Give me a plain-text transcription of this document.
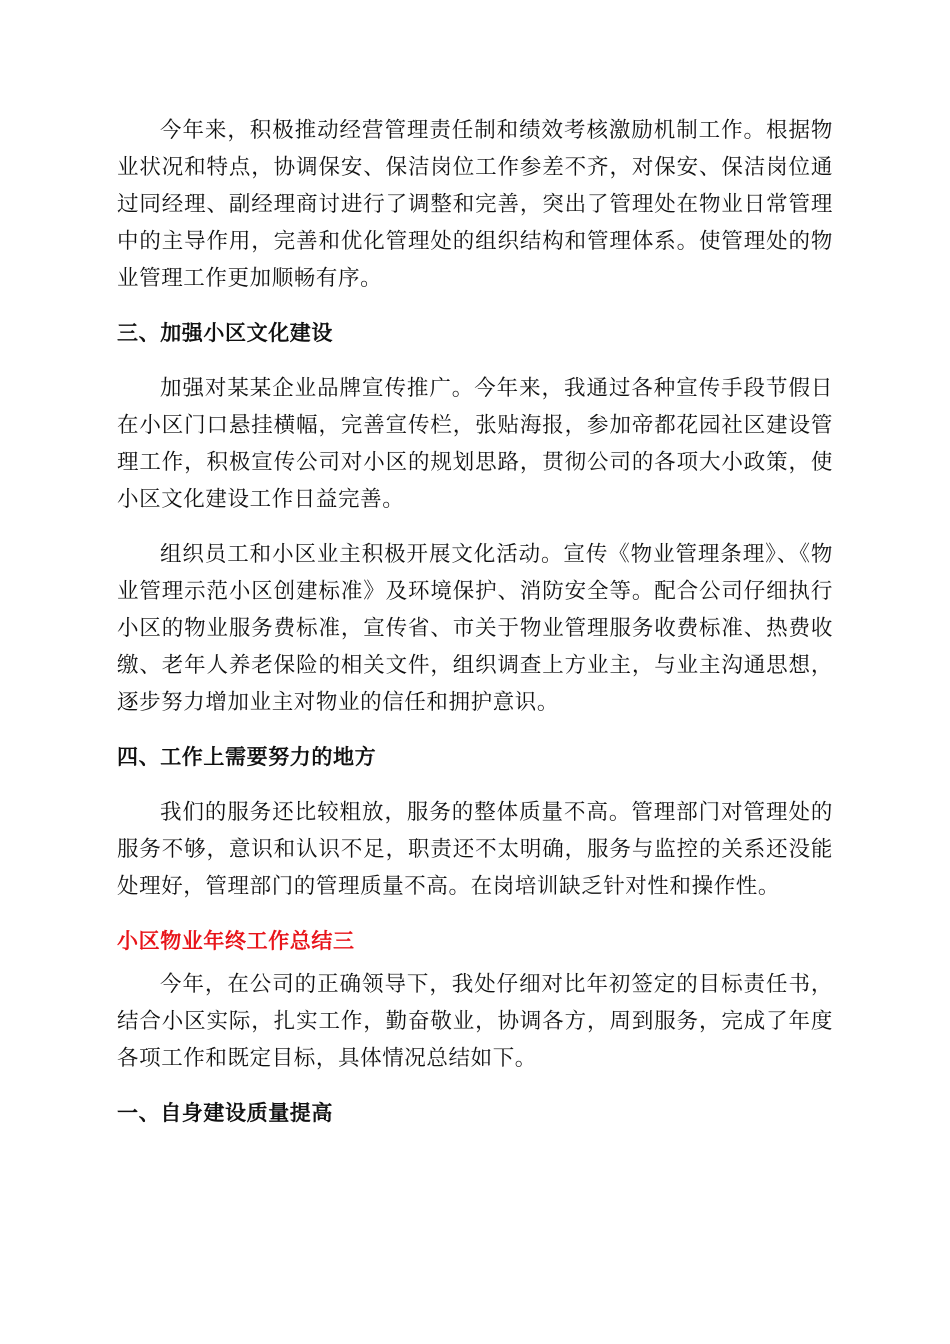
今年来，积极推动经营管理责任制和绩效考核激励机制工作。根据物业状况和特点，协调保安、保洁岗位工作参差不齐，对保安、保洁岗位通过同经理、副经理商讨进行了调整和完善，突出了管理处在物业日常管理中的主导作用，完善和优化管理处的组织结构和管理体系。使管理处的物业管理工作更加顺畅有序。

三、加强小区文化建设

加强对某某企业品牌宣传推广。今年来，我通过各种宣传手段节假日在小区门口悬挂横幅，完善宣传栏，张贴海报，参加帝都花园社区建设管理工作，积极宣传公司对小区的规划思路，贯彻公司的各项大小政策，使小区文化建设工作日益完善。

组织员工和小区业主积极开展文化活动。宣传《物业管理条理》、《物业管理示范小区创建标准》及环境保护、消防安全等。配合公司仔细执行小区的物业服务费标准，宣传省、市关于物业管理服务收费标准、热费收缴、老年人养老保险的相关文件，组织调查上方业主，与业主沟通思想，逐步努力增加业主对物业的信任和拥护意识。

四、工作上需要努力的地方

我们的服务还比较粗放，服务的整体质量不高。管理部门对管理处的服务不够，意识和认识不足，职责还不太明确，服务与监控的关系还没能处理好，管理部门的管理质量不高。在岗培训缺乏针对性和操作性。

小区物业年终工作总结三

今年，在公司的正确领导下，我处仔细对比年初签定的目标责任书，结合小区实际，扎实工作，勤奋敬业，协调各方，周到服务，完成了年度各项工作和既定目标，具体情况总结如下。

一、自身建设质量提高
